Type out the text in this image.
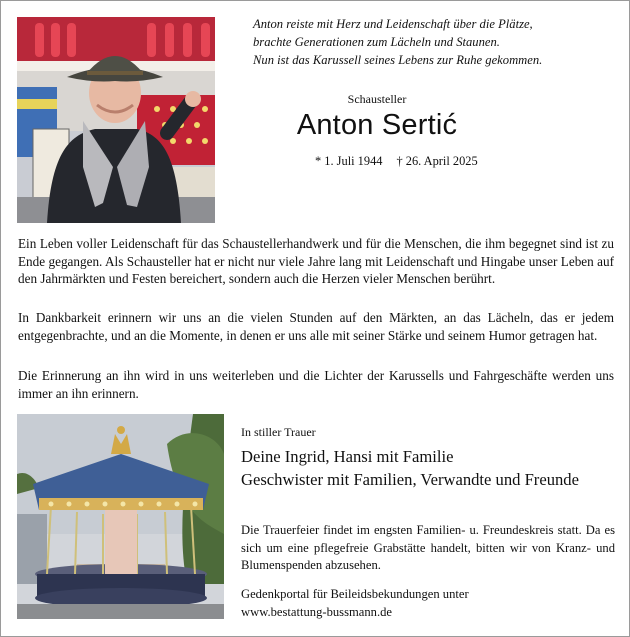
Anton reiste mit Herz und Leidenschaft über die Plätze,
brachte Generationen zum Lächeln und Staunen.
Nun ist das Karussell seines Lebens zur Ruhe gekommen.
Schausteller
Anton Sertić
* 1. Juli 1944 † 26. April 2025
Ein Leben voller Leidenschaft für das Schaustellerhandwerk und für die Menschen, die ihm begegnet sind ist zu Ende gegangen. Als Schausteller hat er nicht nur viele Jahre lang mit Leidenschaft und Hingabe unser Leben auf den Jahrmärkten und Festen bereichert, sondern auch die Herzen vieler Menschen berührt.
In Dankbarkeit erinnern wir uns an die vielen Stunden auf den Märkten, an das Lächeln, das er jedem entgegenbrachte, und an die Momente, in denen er uns alle mit seiner Stärke und seinem Humor getragen hat.
Die Erinnerung an ihn wird in uns weiterleben und die Lichter der Karussells und Fahrgeschäfte werden uns immer an ihn erinnern.
In stiller Trauer
Deine Ingrid, Hansi mit Familie
Geschwister mit Familien, Verwandte und Freunde
Die Trauerfeier findet im engsten Familien- u. Freundeskreis statt. Da es sich um eine pflegefreie Grabstätte handelt, bitten wir von Kranz- und Blumenspenden abzusehen.
Gedenkportal für Beileidsbekundungen unter
www.bestattung-bussmann.de
